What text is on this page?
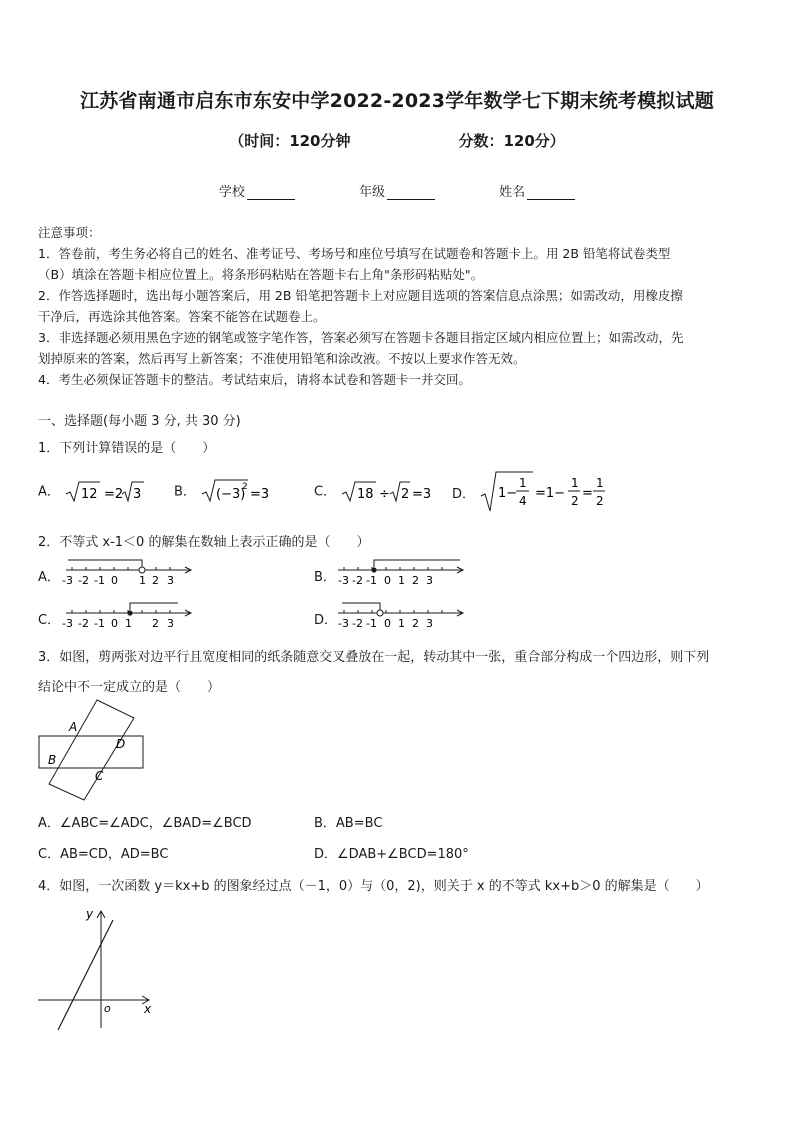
江苏省南通市启东市东安中学2022-2023学年数学七下期末统考模拟试题
（时间：120分钟	分数：120分）
学校	年级	姓名
注意事项：
1．答卷前，考生务必将自己的姓名、准考证号、考场号和座位号填写在试题卷和答题卡上。用 2B 铅笔将试卷类型
（B）填涂在答题卡相应位置上。将条形码粘贴在答题卡右上角"条形码粘贴处"。
2．作答选择题时，选出每小题答案后，用 2B 铅笔把答题卡上对应题目选项的答案信息点涂黑；如需改动，用橡皮擦
干净后，再选涂其他答案。答案不能答在试题卷上。
3．非选择题必须用黑色字迹的钢笔或签字笔作答，答案必须写在答题卡各题目指定区域内相应位置上；如需改动，先
划掉原来的答案，然后再写上新答案；不准使用铅笔和涂改液。不按以上要求作答无效。
4．考生必须保证答题卡的整洁。考试结束后，请将本试卷和答题卡一并交回。
一、选择题(每小题 3 分, 共 30 分)
1．下列计算错误的是（　　）
A． 12 =2 3	B． (−3)
2 =3	C． 18 ÷ 2 =3 D． 1−
1
4 =1−
1
2 =
1
2
2．不等式 x-1＜0 的解集在数轴上表示正确的是（　　）
A． -3 -2 -1 0 1 2 3	B． -3 -2 -1 0 1 2 3
C． -3 -2 -1 0 1 2 3	D． -3 -2 -1 0 1 2 3
3．如图，剪两张对边平行且宽度相同的纸条随意交叉叠放在一起，转动其中一张，重合部分构成一个四边形，则下列
结论中不一定成立的是（　　）
A
B
C
D
A．∠ABC=∠ADC，∠BAD=∠BCD	B．AB=BC
C．AB=CD，AD=BC	D．∠DAB+∠BCD=180°
4．如图，一次函数 y＝kx+b 的图象经过点（－1，0）与（0，2)，则关于 x 的不等式 kx+b＞0 的解集是（　　）
y
x
o
